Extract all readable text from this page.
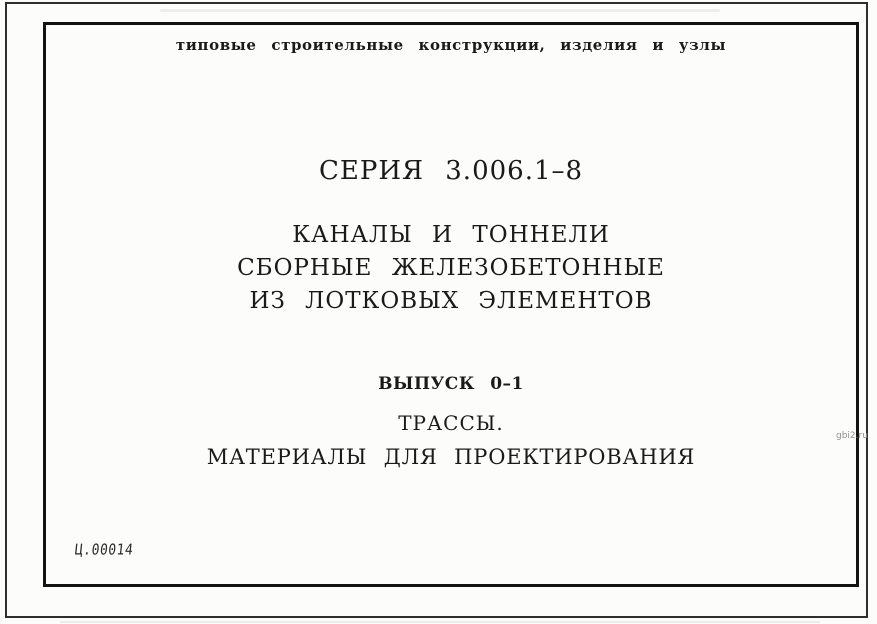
типовые строительные конструкции, изделия и узлы
СЕРИЯ 3.006.1–8
КАНАЛЫ И ТОННЕЛИ
СБОРНЫЕ ЖЕЛЕЗОБЕТОННЫЕ
ИЗ ЛОТКОВЫХ ЭЛЕМЕНТОВ
ВЫПУСК 0–1
ТРАССЫ.
МАТЕРИАЛЫ ДЛЯ ПРОЕКТИРОВАНИЯ
Ц.00014
gbi2.ru
